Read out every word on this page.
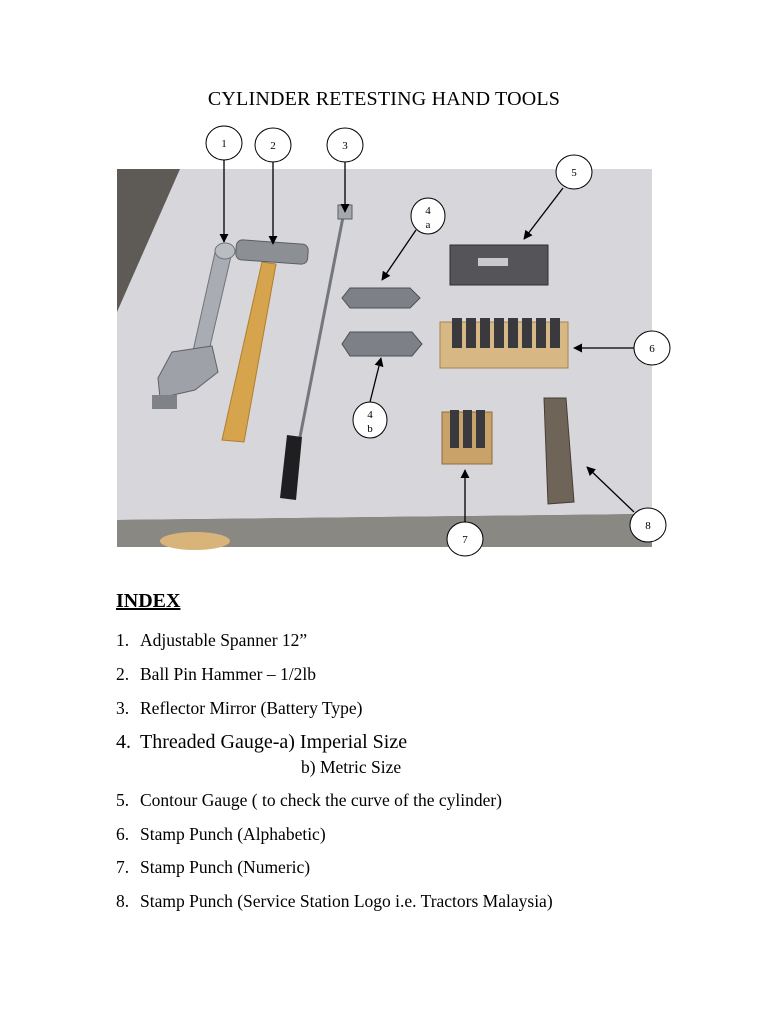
CYLINDER RETESTING HAND TOOLS
1	2	3
4
a
4
b
5
6
7
8
INDEX
1. Adjustable Spanner 12”
2. Ball Pin Hammer – 1/2lb
3. Reflector Mirror (Battery Type)
4. Threaded Gauge-a) Imperial Size
b) Metric Size
5. Contour Gauge ( to check the curve of the cylinder)
6. Stamp Punch (Alphabetic)
7. Stamp Punch (Numeric)
8. Stamp Punch (Service Station Logo i.e. Tractors Malaysia)
